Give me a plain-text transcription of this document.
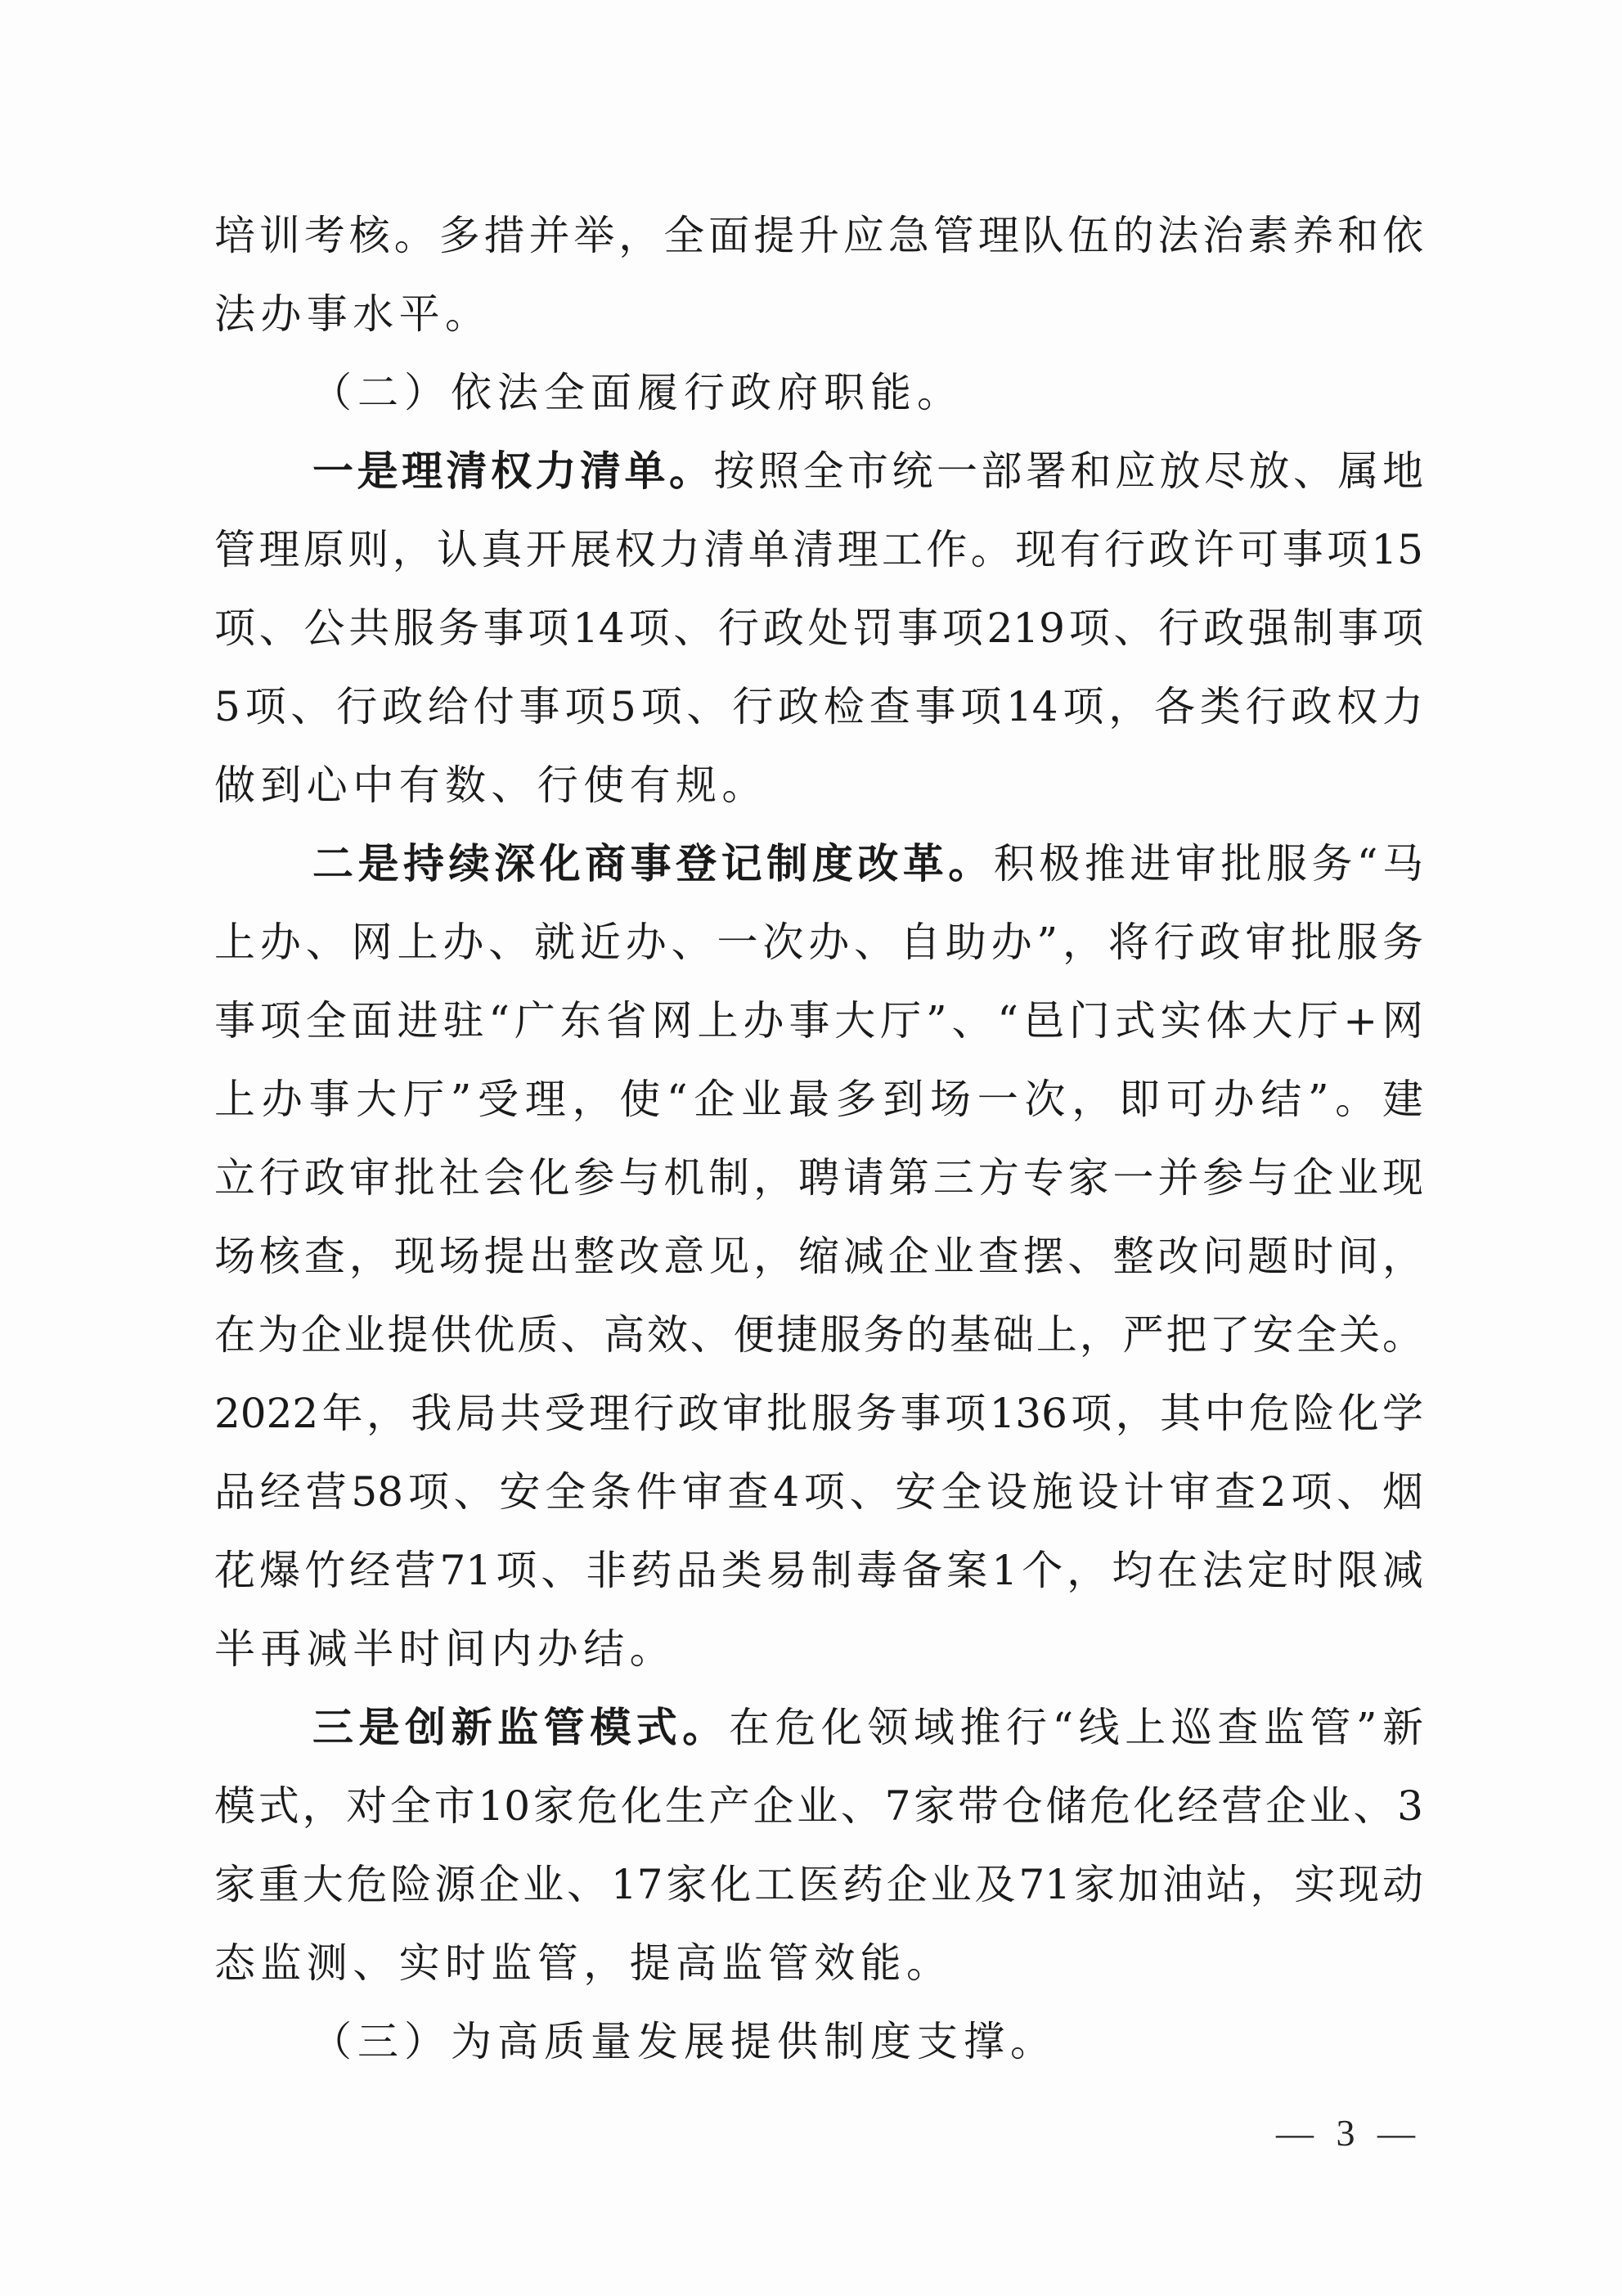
培训考核。多措并举，全面提升应急管理队伍的法治素养和依
法办事水平。
（二）依法全面履行政府职能。
一是理清权力清单。按照全市统一部署和应放尽放、属地
管理原则，认真开展权力清单清理工作。现有行政许可事项15
项、公共服务事项14项、行政处罚事项219项、行政强制事项
5项、行政给付事项5项、行政检查事项14项，各类行政权力
做到心中有数、行使有规。
二是持续深化商事登记制度改革。积极推进审批服务“马
上办、网上办、就近办、一次办、自助办”，将行政审批服务
事项全面进驻“广东省网上办事大厅”、“邑门式实体大厅+网
上办事大厅”受理，使“企业最多到场一次，即可办结”。建
立行政审批社会化参与机制，聘请第三方专家一并参与企业现
场核查，现场提出整改意见，缩减企业查摆、整改问题时间，
在为企业提供优质、高效、便捷服务的基础上，严把了安全关。
2022年，我局共受理行政审批服务事项136项，其中危险化学
品经营58项、安全条件审查4项、安全设施设计审查2项、烟
花爆竹经营71项、非药品类易制毒备案1个，均在法定时限减
半再减半时间内办结。
三是创新监管模式。在危化领域推行“线上巡查监管”新
模式，对全市10家危化生产企业、7家带仓储危化经营企业、3
家重大危险源企业、17家化工医药企业及71家加油站，实现动
态监测、实时监管，提高监管效能。
（三）为高质量发展提供制度支撑。
— 3 —
